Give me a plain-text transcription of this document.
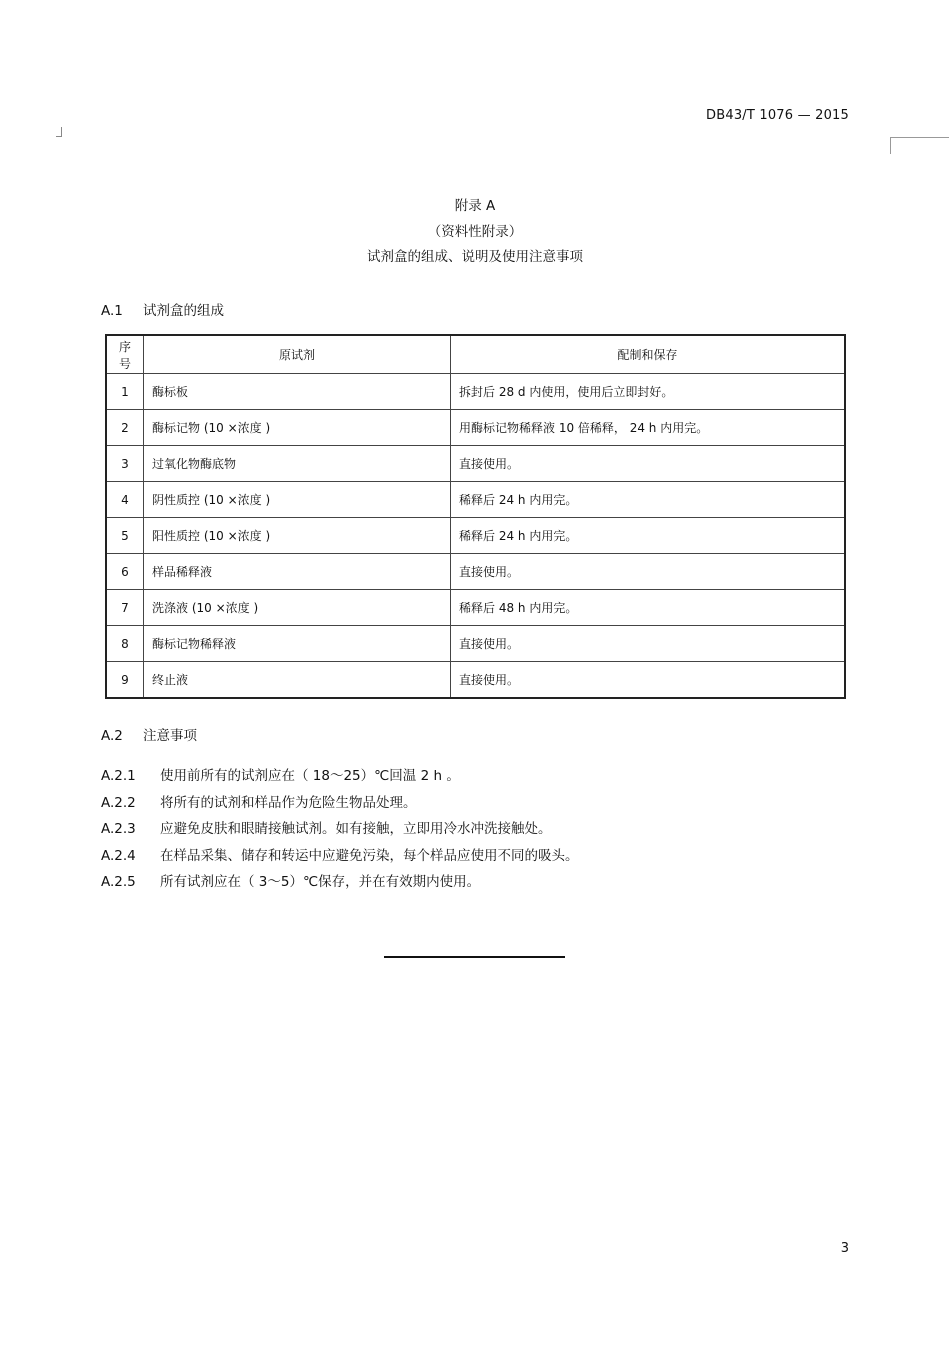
DB43/T 1076 — 2015
附录 A
（资料性附录）
试剂盒的组成、说明及使用注意事项
A.1 试剂盒的组成
序号	原试剂	配制和保存
1	酶标板	拆封后 28 d 内使用，使用后立即封好。
2	酶标记物 (10 ×浓度 )	用酶标记物稀释液 10 倍稀释， 24 h 内用完。
3	过氧化物酶底物	直接使用。
4	阴性质控 (10 ×浓度 )	稀释后 24 h 内用完。
5	阳性质控 (10 ×浓度 )	稀释后 24 h 内用完。
6	样品稀释液	直接使用。
7	洗涤液 (10 ×浓度 )	稀释后 48 h 内用完。
8	酶标记物稀释液	直接使用。
9	终止液	直接使用。
A.2 注意事项
A.2.1 使用前所有的试剂应在（ 18～25）℃回温 2 h 。
A.2.2 将所有的试剂和样品作为危险生物品处理。
A.2.3 应避免皮肤和眼睛接触试剂。如有接触，立即用冷水冲洗接触处。
A.2.4 在样品采集、储存和转运中应避免污染，每个样品应使用不同的吸头。
A.2.5 所有试剂应在（ 3～5）℃保存，并在有效期内使用。
3
